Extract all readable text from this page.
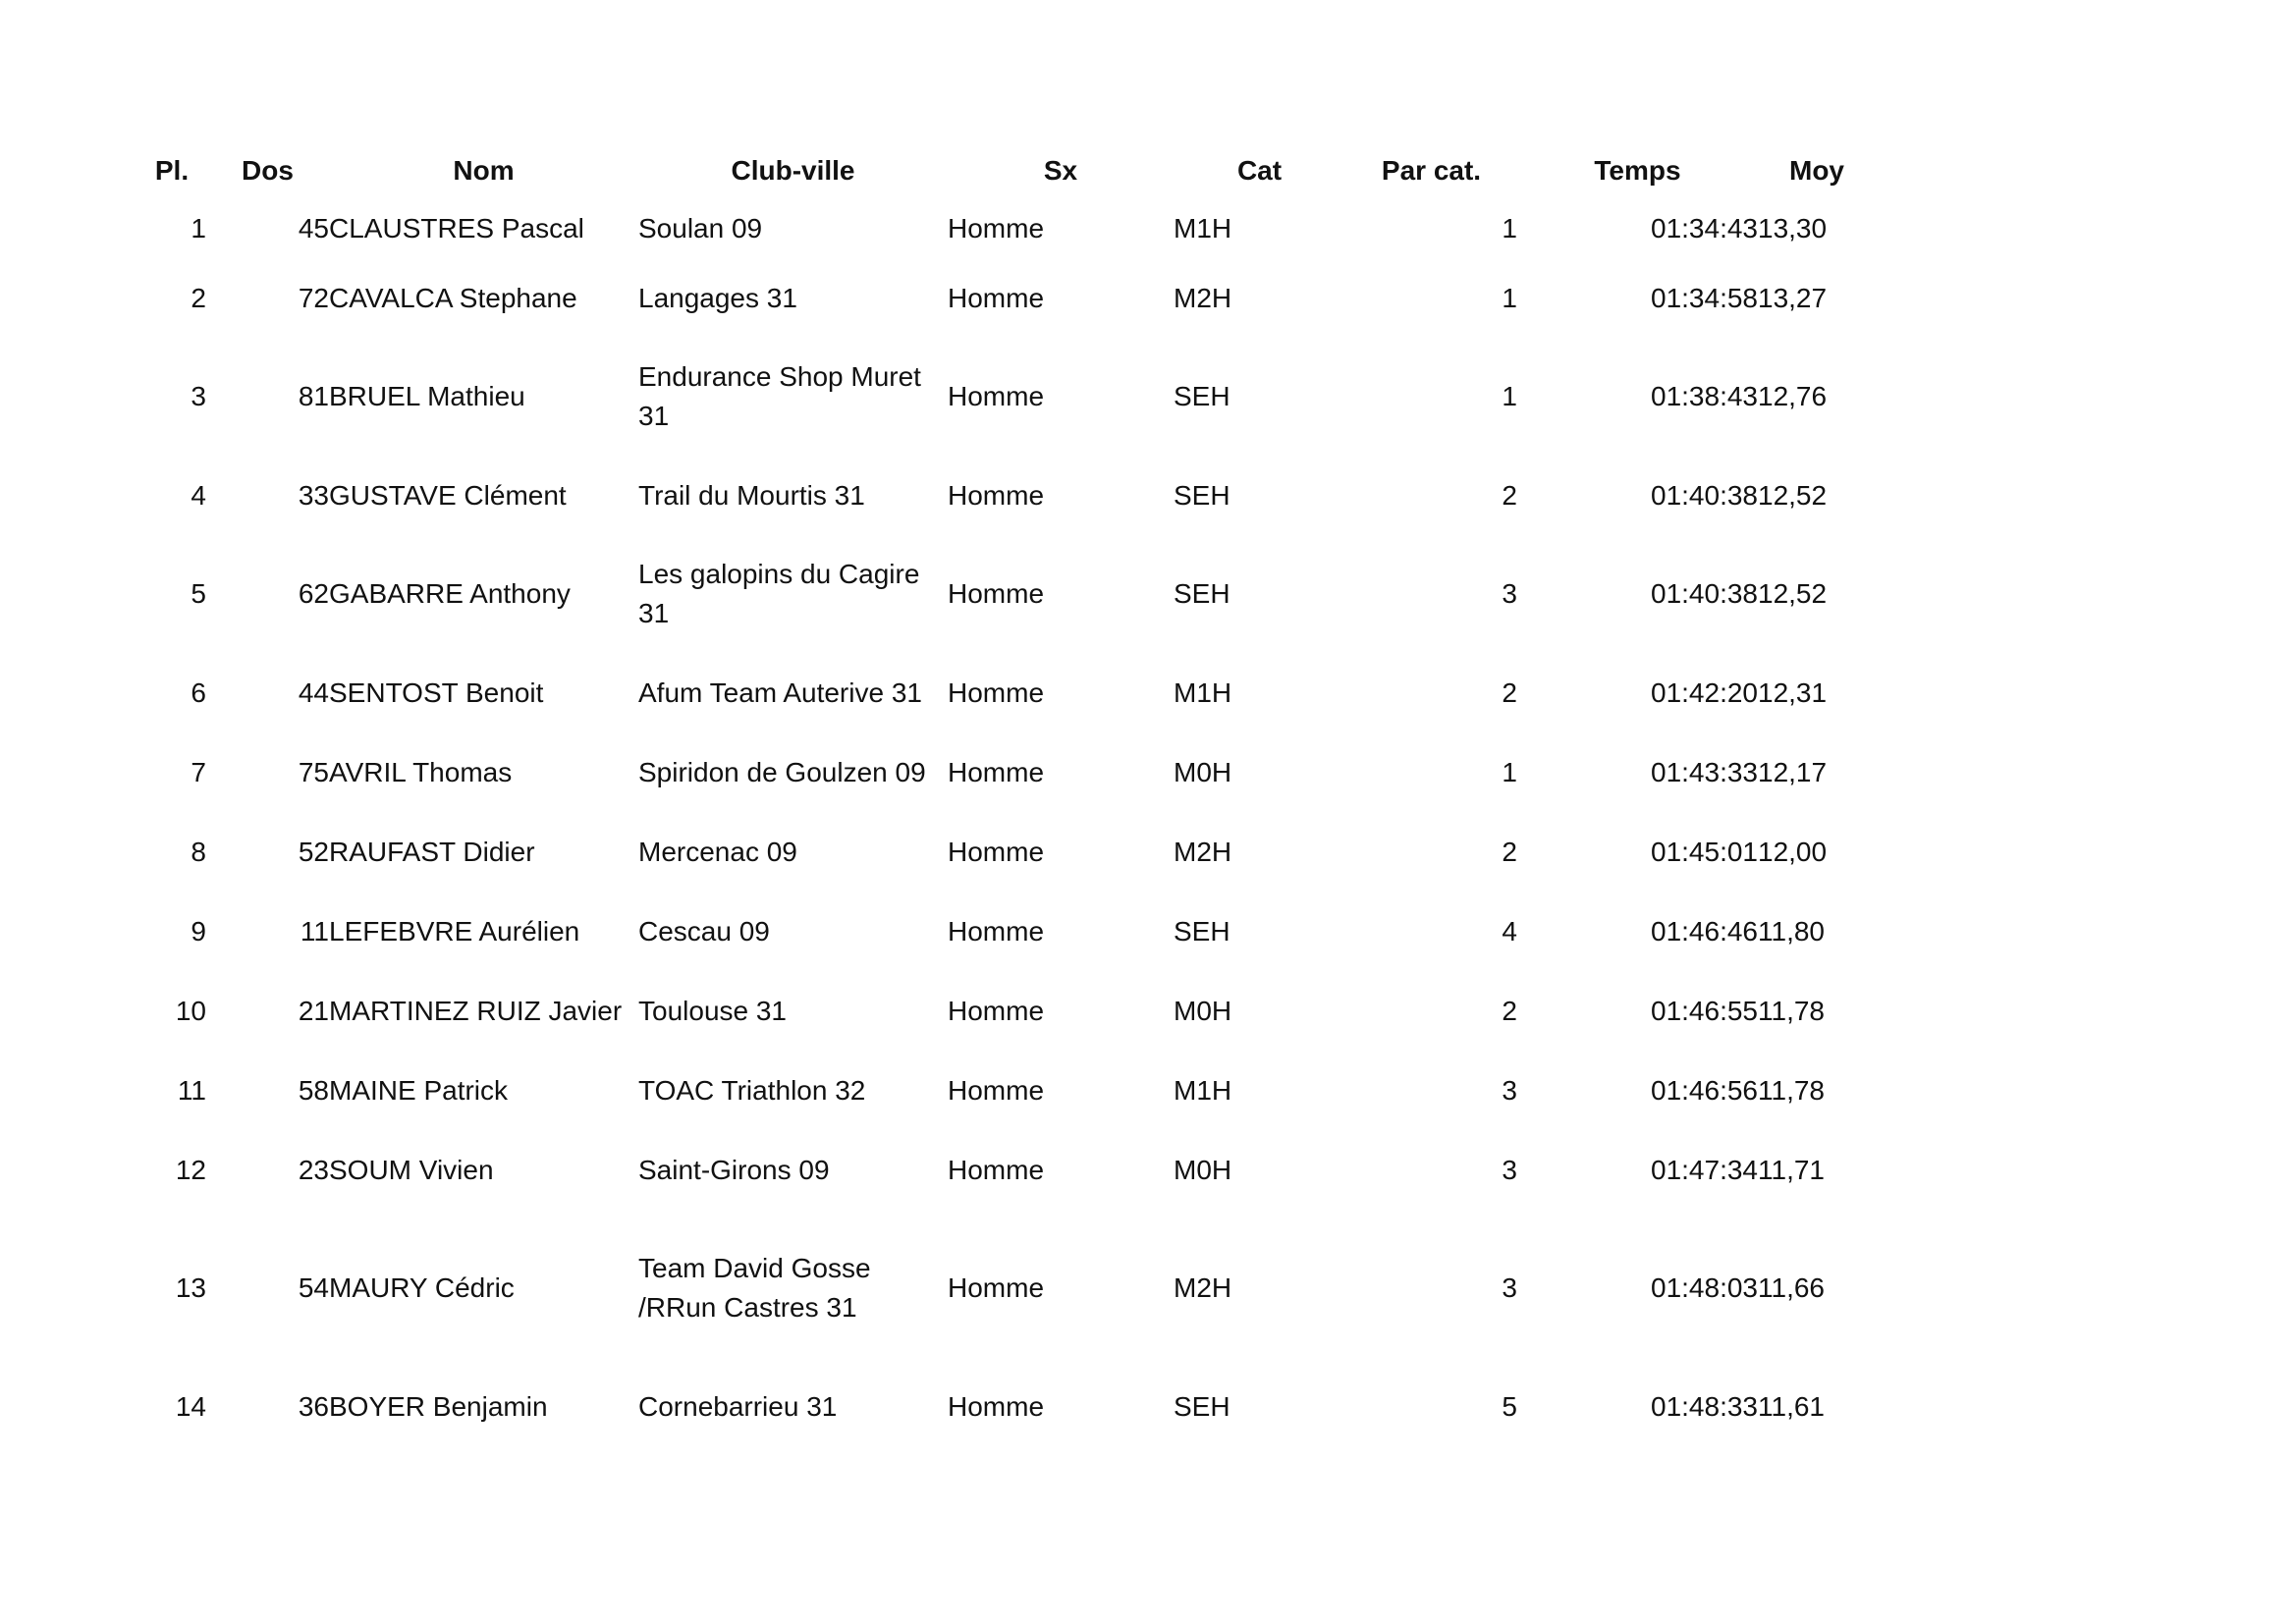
Pl.	Dos	Nom	Club-ville	Sx	Cat	Par cat.	Temps	Moy
1	45	CLAUSTRES Pascal	Soulan 09	Homme	M1H	1	01:34:43	13,30
2	72	CAVALCA Stephane	Langages 31	Homme	M2H	1	01:34:58	13,27
3	81	BRUEL Mathieu	Endurance Shop Muret 31	Homme	SEH	1	01:38:43	12,76
4	33	GUSTAVE Clément	Trail du Mourtis 31	Homme	SEH	2	01:40:38	12,52
5	62	GABARRE Anthony	Les galopins du Cagire 31	Homme	SEH	3	01:40:38	12,52
6	44	SENTOST Benoit	Afum Team Auterive 31	Homme	M1H	2	01:42:20	12,31
7	75	AVRIL Thomas	Spiridon de Goulzen 09	Homme	M0H	1	01:43:33	12,17
8	52	RAUFAST Didier	Mercenac 09	Homme	M2H	2	01:45:01	12,00
9	11	LEFEBVRE Aurélien	Cescau 09	Homme	SEH	4	01:46:46	11,80
10	21	MARTINEZ RUIZ Javier	Toulouse 31	Homme	M0H	2	01:46:55	11,78
11	58	MAINE Patrick	TOAC Triathlon 32	Homme	M1H	3	01:46:56	11,78
12	23	SOUM Vivien	Saint-Girons 09	Homme	M0H	3	01:47:34	11,71
13	54	MAURY Cédric	Team David Gosse /RRun Castres 31	Homme	M2H	3	01:48:03	11,66
14	36	BOYER Benjamin	Cornebarrieu 31	Homme	SEH	5	01:48:33	11,61
